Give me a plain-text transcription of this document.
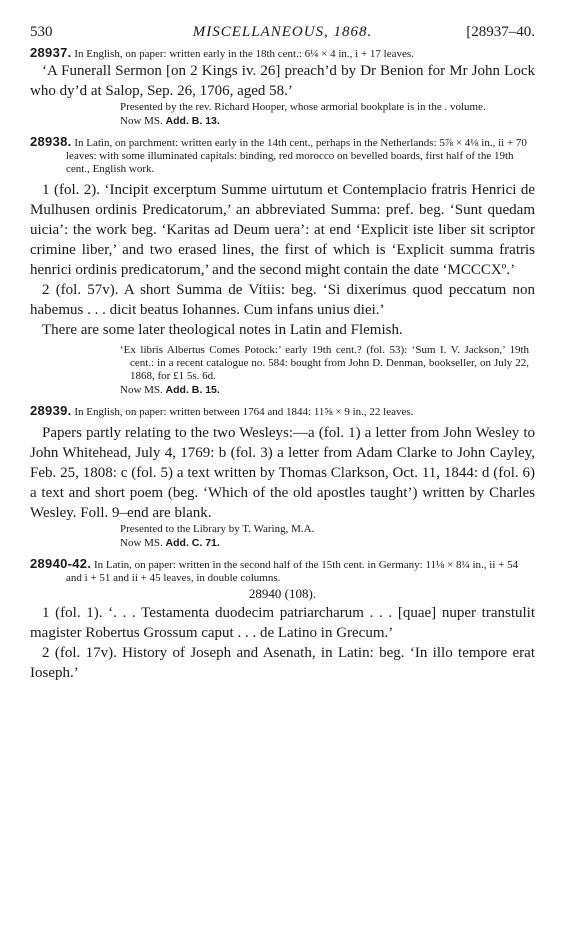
530	MISCELLANEOUS, 1868.	[28937–40.
28937. In English, on paper: written early in the 18th cent.: 6¼ × 4 in., i + 17 leaves.

‘A Funerall Sermon [on 2 Kings iv. 26] preach’d by Dr Benion for Mr John Lock who dy’d at Salop, Sep. 26, 1706, aged 58.’

Presented by the rev. Richard Hooper, whose armorial bookplate is in the . volume.
Now MS. Add. B. 13.
28938. In Latin, on parchment: written early in the 14th cent., perhaps in the Netherlands: 5⅞ × 4⅛ in., ii + 70 leaves: with some illuminated capitals: binding, red morocco on bevelled boards, first half of the 19th cent., English work.

1 (fol. 2). ‘Incipit excerptum Summe uirtutum et Contemplacio fratris Henrici de Mulhusen ordinis Predicatorum,’ an abbreviated Summa: pref. beg. ‘Sunt quedam uicia’: the work beg. ‘Karitas ad Deum uera’: at end ‘Explicit iste liber sit scriptor crimine liber,’ and two erased lines, the first of which is ‘Explicit summa fratris henrici ordinis predicatorum,’ and the second might contain the date ‘MCCCXº.’

2 (fol. 57v). A short Summa de Vitiis: beg. ‘Si dixerimus quod peccatum non habemus . . . dicit beatus Iohannes. Cum infans unius diei.’

There are some later theological notes in Latin and Flemish.

‘Ex libris Albertus Comes Potock:’ early 19th cent.? (fol. 53): ‘Sum I. V. Jackson,’ 19th cent.: in a recent catalogue no. 584: bought from John D. Denman, bookseller, on July 22, 1868, for £1 5s. 6d.
Now MS. Add. B. 15.
28939. In English, on paper: written between 1764 and 1844: 11⅝ × 9 in., 22 leaves.

Papers partly relating to the two Wesleys:—a (fol. 1) a letter from John Wesley to John Whitehead, July 4, 1769: b (fol. 3) a letter from Adam Clarke to John Cayley, Feb. 25, 1808: c (fol. 5) a text written by Thomas Clarkson, Oct. 11, 1844: d (fol. 6) a text and short poem (beg. ‘Which of the old apostles taught’) written by Charles Wesley. Foll. 9–end are blank.

Presented to the Library by T. Waring, M.A.
Now MS. Add. C. 71.
28940-42. In Latin, on paper: written in the second half of the 15th cent. in Germany: 11⅛ × 8¼ in., ii + 54 and i + 51 and ii + 45 leaves, in double columns.
28940 (108).

1 (fol. 1). ‘. . . Testamenta duodecim patriarcharum . . . [quae] nuper transtulit magister Robertus Grossum caput . . . de Latino in Grecum.’

2 (fol. 17v). History of Joseph and Asenath, in Latin: beg. ‘In illo tempore erat Ioseph.’
